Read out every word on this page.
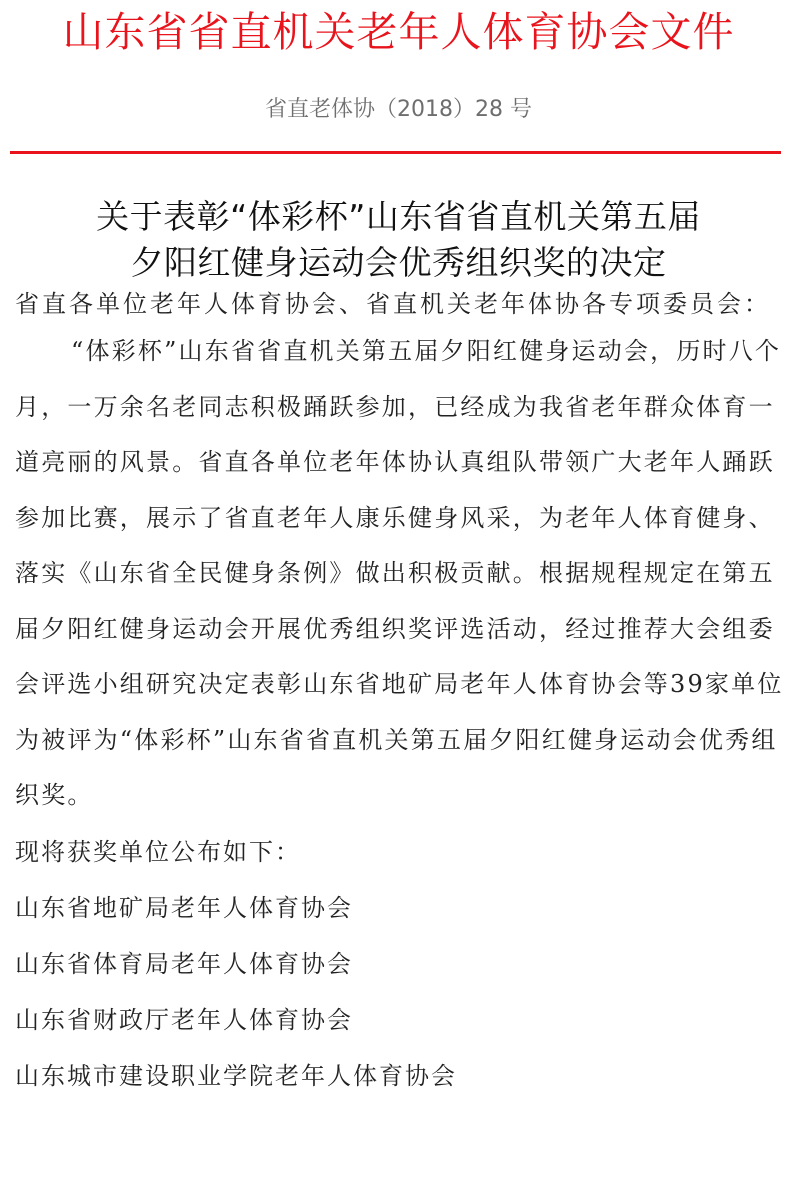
山东省省直机关老年人体育协会文件
省直老体协（2018）28 号
关于表彰“体彩杯”山东省省直机关第五届
夕阳红健身运动会优秀组织奖的决定

省直各单位老年人体育协会、省直机关老年体协各专项委员会：

“体彩杯”山东省省直机关第五届夕阳红健身运动会，历时八个月，一万余名老同志积极踊跃参加，已经成为我省老年群众体育一道亮丽的风景。省直各单位老年体协认真组队带领广大老年人踊跃参加比赛，展示了省直老年人康乐健身风采，为老年人体育健身、落实《山东省全民健身条例》做出积极贡献。根据规程规定在第五届夕阳红健身运动会开展优秀组织奖评选活动，经过推荐大会组委会评选小组研究决定表彰山东省地矿局老年人体育协会等39家单位为被评为“体彩杯”山东省省直机关第五届夕阳红健身运动会优秀组织奖。

现将获奖单位公布如下：

山东省地矿局老年人体育协会
山东省体育局老年人体育协会
山东省财政厅老年人体育协会
山东城市建设职业学院老年人体育协会
